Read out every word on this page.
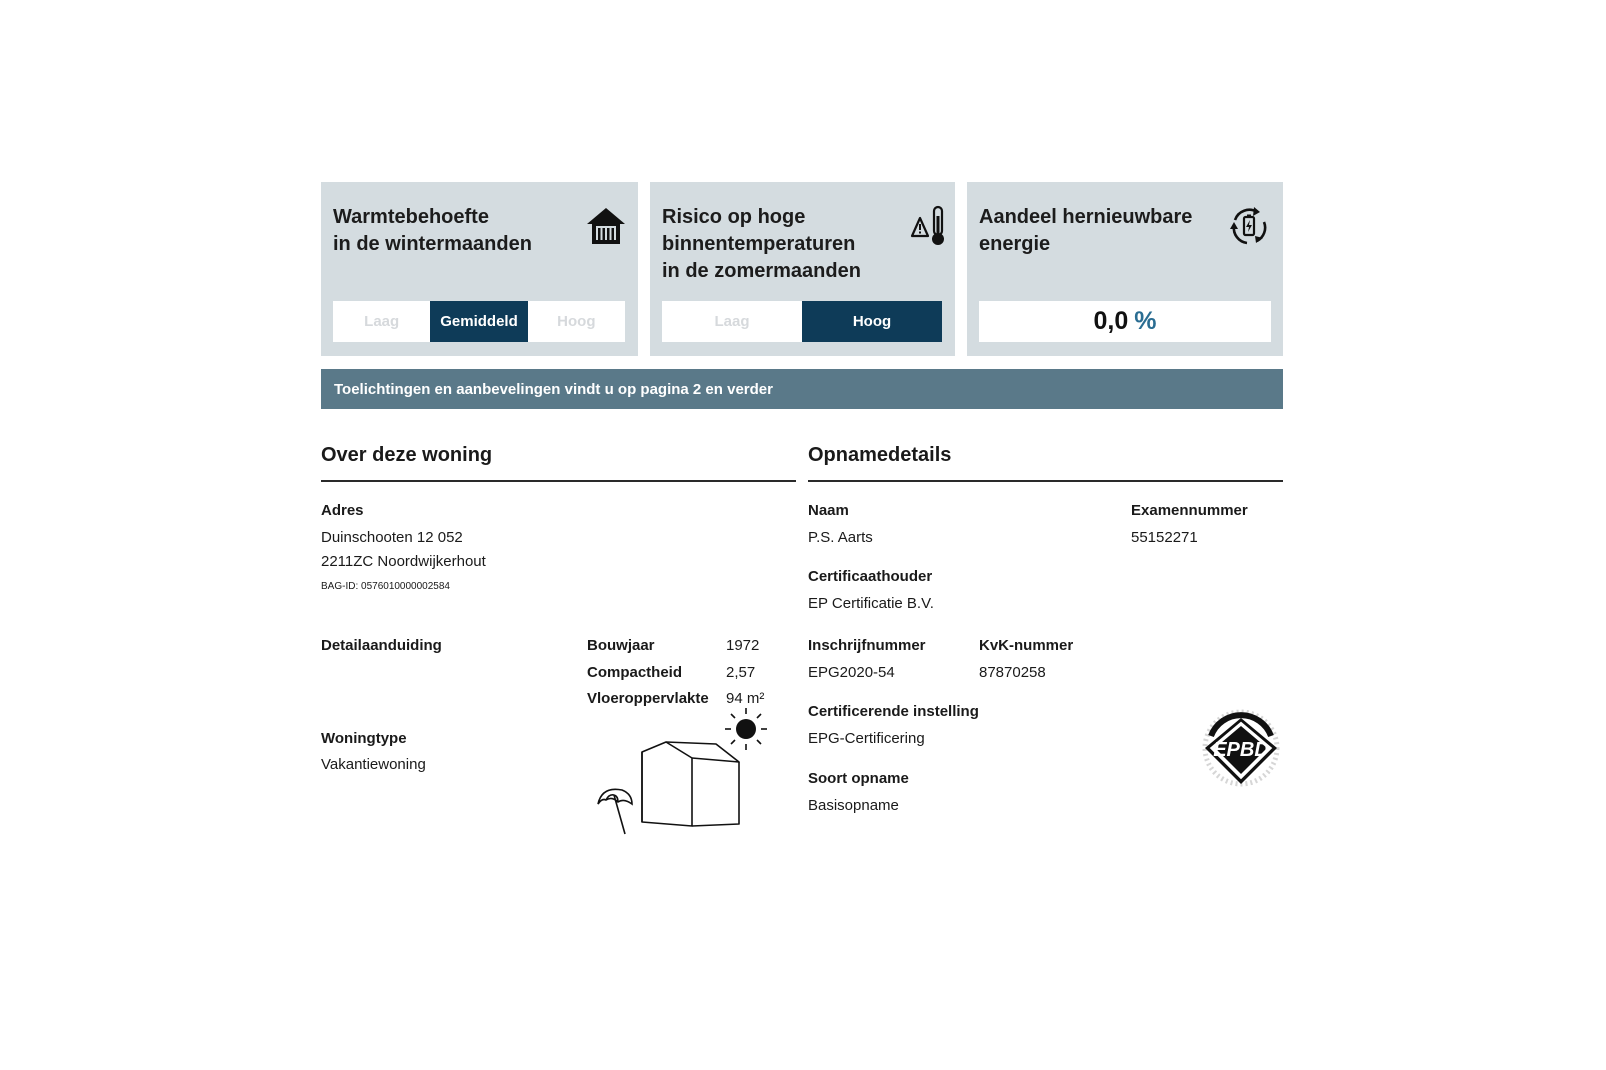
Warmtebehoefte
in de wintermaanden
Laag	Gemiddeld	Hoog
Risico op hoge
binnentemperaturen
in de zomermaanden
Laag	Hoog
Aandeel hernieuwbare
energie
0,0 %
Toelichtingen en aanbevelingen vindt u op pagina 2 en verder
Over deze woning
Adres
Duinschooten 12 052
2211ZC Noordwijkerhout
BAG-ID: 0576010000002584
Detailaanduiding	Bouwjaar	1972
Compactheid	2,57
Vloeroppervlakte 94 m²
Woningtype
Vakantiewoning
Opnamedetails
Naam
P.S. Aarts
Examennummer
55152271
Certificaathouder
EP Certificatie B.V.
Inschrijfnummer
EPG2020-54
KvK-nummer
87870258
Certificerende instelling
EPG-Certificering
Soort opname
Basisopname
EPBD
